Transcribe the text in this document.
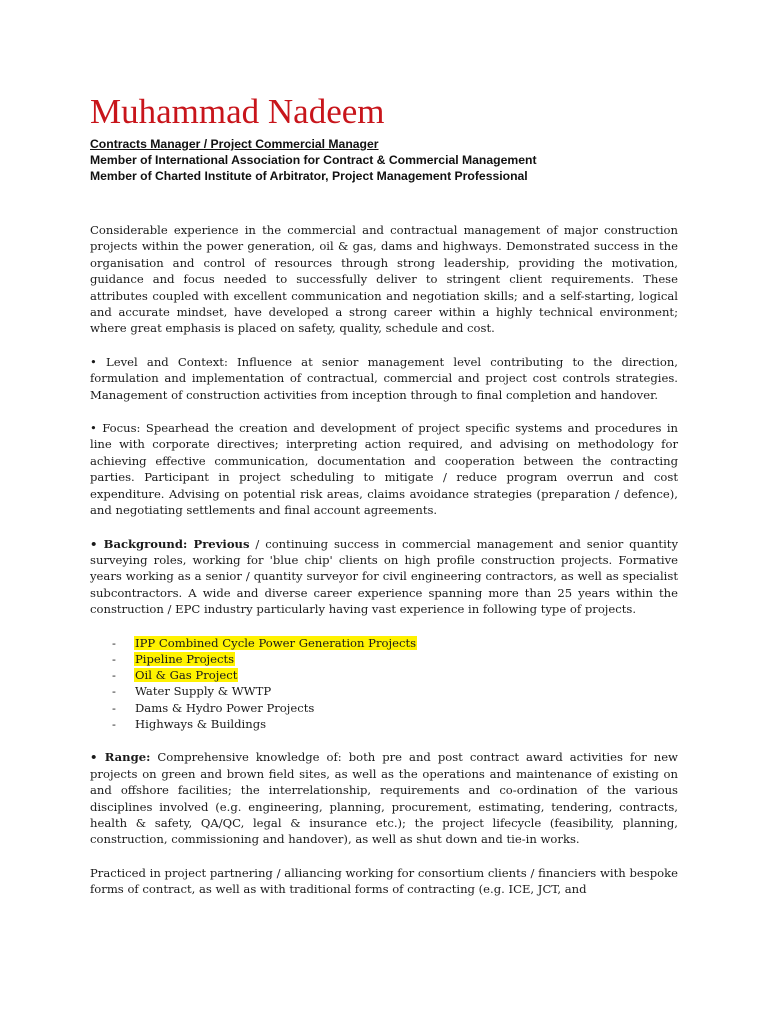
Muhammad Nadeem
Contracts Manager / Project Commercial Manager
Member of International Association for Contract & Commercial Management
Member of Charted Institute of Arbitrator, Project Management Professional

Considerable experience in the commercial and contractual management of major construction projects within the power generation, oil & gas, dams and highways. Demonstrated success in the organisation and control of resources through strong leadership, providing the motivation, guidance and focus needed to successfully deliver to stringent client requirements. These attributes coupled with excellent communication and negotiation skills; and a self-starting, logical and accurate mindset, have developed a strong career within a highly technical environment; where great emphasis is placed on safety, quality, schedule and cost.

• Level and Context: Influence at senior management level contributing to the direction, formulation and implementation of contractual, commercial and project cost controls strategies. Management of construction activities from inception through to final completion and handover.

• Focus: Spearhead the creation and development of project specific systems and procedures in line with corporate directives; interpreting action required, and advising on methodology for achieving effective communication, documentation and cooperation between the contracting parties. Participant in project scheduling to mitigate / reduce program overrun and cost expenditure. Advising on potential risk areas, claims avoidance strategies (preparation / defence), and negotiating settlements and final account agreements.

• Background: Previous / continuing success in commercial management and senior quantity surveying roles, working for 'blue chip' clients on high profile construction projects. Formative years working as a senior / quantity surveyor for civil engineering contractors, as well as specialist subcontractors. A wide and diverse career experience spanning more than 25 years within the construction / EPC industry particularly having vast experience in following type of projects.

- IPP Combined Cycle Power Generation Projects
- Pipeline Projects
- Oil & Gas Project
- Water Supply & WWTP
- Dams & Hydro Power Projects
- Highways & Buildings

• Range: Comprehensive knowledge of: both pre and post contract award activities for new projects on green and brown field sites, as well as the operations and maintenance of existing on and offshore facilities; the interrelationship, requirements and co-ordination of the various disciplines involved (e.g. engineering, planning, procurement, estimating, tendering, contracts, health & safety, QA/QC, legal & insurance etc.); the project lifecycle (feasibility, planning, construction, commissioning and handover), as well as shut down and tie-in works.

Practiced in project partnering / alliancing working for consortium clients / financiers with bespoke forms of contract, as well as with traditional forms of contracting (e.g. ICE, JCT, and
